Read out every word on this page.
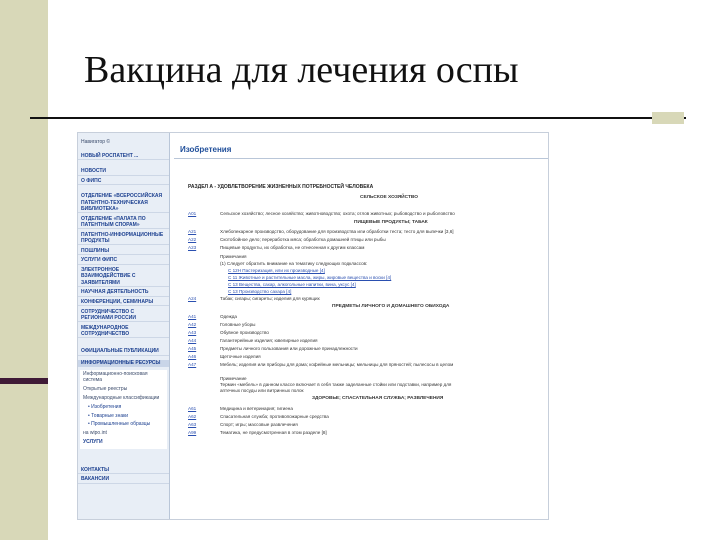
Вакцина для лечения оспы
Навигатор ©
НОВЫЙ РОСПАТЕНТ ...
НОВОСТИ
О ФИПС
ОТДЕЛЕНИЕ «ВСЕРОССИЙСКАЯ ПАТЕНТНО-ТЕХНИЧЕСКАЯ БИБЛИОТЕКА»
ОТДЕЛЕНИЕ «ПАЛАТА ПО ПАТЕНТНЫМ СПОРАМ»
ПАТЕНТНО-ИНФОРМАЦИОННЫЕ ПРОДУКТЫ
ПОШЛИНЫ
УСЛУГИ ФИПС
ЭЛЕКТРОННОЕ ВЗАИМОДЕЙСТВИЕ С ЗАЯВИТЕЛЯМИ
НАУЧНАЯ ДЕЯТЕЛЬНОСТЬ
КОНФЕРЕНЦИИ, СЕМИНАРЫ
СОТРУДНИЧЕСТВО С РЕГИОНАМИ РОССИИ
МЕЖДУНАРОДНОЕ СОТРУДНИЧЕСТВО
ОФИЦИАЛЬНЫЕ ПУБЛИКАЦИИ
ИНФОРМАЦИОННЫЕ РЕСУРСЫ
Информационно-поисковая система
Открытые реестры
Международные классификации
• Изобретения
• Товарные знаки
• Промышленные образцы
на wipo.int
УСЛУГИ
КОНТАКТЫ
ВАКАНСИИ
Изобретения
РАЗДЕЛ А - УДОВЛЕТВОРЕНИЕ ЖИЗНЕННЫХ ПОТРЕБНОСТЕЙ ЧЕЛОВЕКА
СЕЛЬСКОЕ ХОЗЯЙСТВО
А01	Сельское хозяйство; лесное хозяйство; животноводство; охота; отлов животных; рыбоводство и рыболовство
ПИЩЕВЫЕ ПРОДУКТЫ; ТАБАК
А21	Хлебопекарное производство, оборудование для производства или обработки теста; тесто для выпечки [3,6]
А22	Скотобойное дело; переработка мяса; обработка домашней птицы или рыбы
А23	Пищевые продукты, их обработка, не отнесенная к другим классам
Примечания
(1) Следует обратить внимание на тематику следующих подклассов:
С 12Н Пастеризация, или их производные [4]
С 11 Животные и растительные масла, жиры, жировые вещества и воски [4]
С 13 Вещества, сахар, алкогольные напитки, вина, уксус [4]
С 13 Производство сахара [4]
А24	Табак; сигары; сигареты; изделия для курящих
ПРЕДМЕТЫ ЛИЧНОГО И ДОМАШНЕГО ОБИХОДА
А41	Одежда
А42	Головные уборы
А43	Обувное производство
А44	Галантерейные изделия; ювелирные изделия
А45	Предметы личного пользования или дорожные принадлежности
А46	Щеточные изделия
А47	Мебель; изделия или приборы для дома; кофейные мельницы; мельницы для пряностей; пылесосы в целом
Примечание
Термин «мебель» в данном классе включает в себя также заделанные стойки или подставки, например для
аптечных посуды или витринных полок
ЗДОРОВЬЕ; СПАСАТЕЛЬНАЯ СЛУЖБА; РАЗВЛЕЧЕНИЯ
А61	Медицина и ветеринария; гигиена
А62	Спасательная служба; противопожарные средства
А63	Спорт; игры; массовые развлечения
А99	Тематика, не предусмотренная в этом разделе [8]
